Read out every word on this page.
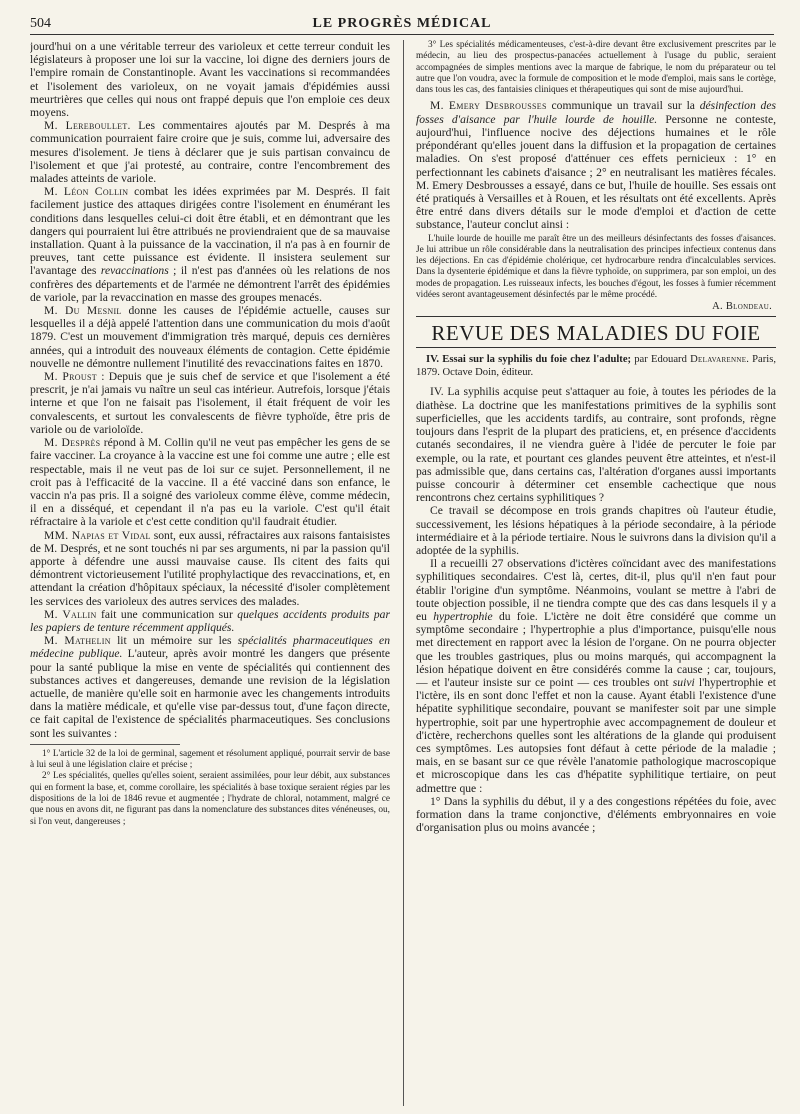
504	LE PROGRÈS MÉDICAL

jourd'hui on a une véritable terreur des varioleux et cette terreur conduit les législateurs à proposer une loi sur la vaccine, loi digne des derniers jours de l'empire romain de Constantinople. Avant les vaccinations si recommandées et l'isolement des varioleux, on ne voyait jamais d'épidémies aussi meurtrières que celles qui nous ont frappé depuis que l'on emploie ces deux moyens.

M. Lereboullet. Les commentaires ajoutés par M. Després à ma communication pourraient faire croire que je suis, comme lui, adversaire des mesures d'isolement. Je tiens à déclarer que je suis partisan convaincu de l'isolement et que j'ai protesté, au contraire, contre l'encombrement des malades atteints de variole.

M. Léon Collin combat les idées exprimées par M. Després. Il fait facilement justice des attaques dirigées contre l'isolement en énumérant les conditions dans lesquelles celui-ci doit être établi, et en démontrant que les dangers qui pourraient lui être attribués ne proviendraient que de sa mauvaise installation. Quant à la puissance de la vaccination, il n'a pas à en fournir de preuves, tant cette puissance est évidente. Il insistera seulement sur l'avantage des revaccinations ; il n'est pas d'années où les relations de nos confrères des départements et de l'armée ne démontrent l'arrêt des épidémies de variole, par la revaccination en masse des groupes menacés.

M. Du Mesnil donne les causes de l'épidémie actuelle, causes sur lesquelles il a déjà appelé l'attention dans une communication du mois d'août 1879. C'est un mouvement d'immigration très marqué, depuis ces dernières années, qui a introduit des nouveaux éléments de contagion. Cette épidémie nouvelle ne démontre nullement l'inutilité des revaccinations faites en 1870.

M. Proust : Depuis que je suis chef de service et que l'isolement a été prescrit, je n'ai jamais vu naître un seul cas intérieur. Autrefois, lorsque j'étais interne et que l'on ne faisait pas l'isolement, il était fréquent de voir les convalescents, et surtout les convalescents de fièvre typhoïde, être pris de variole ou de varioloïde.

M. Desprès répond à M. Collin qu'il ne veut pas empêcher les gens de se faire vacciner. La croyance à la vaccine est une foi comme une autre ; elle est respectable, mais il ne veut pas de loi sur ce sujet. Personnellement, il ne croit pas à l'efficacité de la vaccine. Il a été vacciné dans son enfance, le vaccin n'a pas pris. Il a soigné des varioleux comme élève, comme médecin, il en a disséqué, et cependant il n'a pas eu la variole. C'est qu'il était réfractaire à la variole et c'est cette condition qu'il faudrait étudier.

MM. Napias et Vidal sont, eux aussi, réfractaires aux raisons fantaisistes de M. Després, et ne sont touchés ni par ses arguments, ni par la passion qu'il apporte à défendre une aussi mauvaise cause. Ils citent des faits qui démontrent victorieusement l'utilité prophylactique des revaccinations, et, en attendant la création d'hôpitaux spéciaux, la nécessité d'isoler complètement les services des varioleux des autres services des malades.

M. Vallin fait une communication sur quelques accidents produits par les papiers de tenture récemment appliqués.

M. Mathelin lit un mémoire sur les spécialités pharmaceutiques en médecine publique. L'auteur, après avoir montré les dangers que présente pour la santé publique la mise en vente de spécialités qui contiennent des substances actives et dangereuses, demande une revision de la législation actuelle, de manière qu'elle soit en harmonie avec les changements introduits dans la matière médicale, et qu'elle vise par-dessus tout, d'une façon directe, ce fait capital de l'existence de spécialités pharmaceutiques. Ses conclusions sont les suivantes :

1° L'article 32 de la loi de germinal, sagement et résolument appliqué, pourrait servir de base à lui seul à une législation claire et précise ;

2° Les spécialités, quelles qu'elles soient, seraient assimilées, pour leur débit, aux substances qui en forment la base, et, comme corollaire, les spécialités à base toxique seraient régies par les dispositions de la loi de 1846 revue et augmentée ; l'hydrate de chloral, notamment, malgré ce que nous en avons dit, ne figurant pas dans la nomenclature des substances dites vénéneuses, ou, si l'on veut, dangereuses ;

3° Les spécialités médicamenteuses, c'est-à-dire devant être exclusivement prescrites par le médecin, au lieu des prospectus-panacées actuellement à l'usage du public, seraient accompagnées de simples mentions avec la marque de fabrique, le nom du préparateur ou tel autre que l'on voudra, avec la formule de composition et le mode d'emploi, mais sans le cortège, dans tous les cas, des fantaisies cliniques et thérapeutiques qui sont de mise aujourd'hui.

M. Emery Desbrousses communique un travail sur la désinfection des fosses d'aisance par l'huile lourde de houille. Personne ne conteste, aujourd'hui, l'influence nocive des déjections humaines et le rôle prépondérant qu'elles jouent dans la diffusion et la propagation de certaines maladies. On s'est proposé d'atténuer ces effets pernicieux : 1° en perfectionnant les cabinets d'aisance ; 2° en neutralisant les matières fécales. M. Emery Desbrousses a essayé, dans ce but, l'huile de houille. Ses essais ont été pratiqués à Versailles et à Rouen, et les résultats ont été excellents. Après être entré dans divers détails sur le mode d'emploi et d'action de cette substance, l'auteur conclut ainsi :

L'huile lourde de houille me paraît être un des meilleurs désinfectants des fosses d'aisances. Je lui attribue un rôle considérable dans la neutralisation des principes infectieux contenus dans les déjections. En cas d'épidémie cholérique, cet hydrocarbure rendra d'incalculables services. Dans la dysenterie épidémique et dans la fièvre typhoïde, on supprimera, par son emploi, un des modes de propagation. Les ruisseaux infects, les bouches d'égout, les fosses à fumier récemment vidées seront avantageusement désinfectés par le même procédé.

A. Blondeau.
REVUE DES MALADIES DU FOIE

IV. Essai sur la syphilis du foie chez l'adulte; par Edouard Delavarenne. Paris, 1879. Octave Doin, éditeur.

IV. La syphilis acquise peut s'attaquer au foie, à toutes les périodes de la diathèse. La doctrine que les manifestations primitives de la syphilis sont superficielles, que les accidents tardifs, au contraire, sont profonds, règne toujours dans l'esprit de la plupart des praticiens, et, en présence d'accidents cutanés secondaires, il ne viendra guère à l'idée de percuter le foie par exemple, ou la rate, et pourtant ces glandes peuvent être atteintes, et n'est-il pas admissible que, dans certains cas, l'altération d'organes aussi importants puisse concourir à déterminer cet ensemble cachectique que nous rencontrons chez certains syphilitiques ?

Ce travail se décompose en trois grands chapitres où l'auteur étudie, successivement, les lésions hépatiques à la période secondaire, à la période intermédiaire et à la période tertiaire. Nous le suivrons dans la division qu'il a adoptée de la syphilis.

Il a recueilli 27 observations d'ictères coïncidant avec des manifestations syphilitiques secondaires. C'est là, certes, dit-il, plus qu'il n'en faut pour établir l'origine d'un symptôme. Néanmoins, voulant se mettre à l'abri de toute objection possible, il ne tiendra compte que des cas dans lesquels il y a eu hypertrophie du foie. L'ictère ne doit être considéré que comme un symptôme secondaire ; l'hypertrophie a plus d'importance, puisqu'elle nous met directement en rapport avec la lésion de l'organe. On ne pourra objecter que les troubles gastriques, plus ou moins marqués, qui accompagnent la lésion hépatique doivent en être considérés comme la cause ; car, toujours, — et l'auteur insiste sur ce point — ces troubles ont suivi l'hypertrophie et l'ictère, ils en sont donc l'effet et non la cause. Ayant établi l'existence d'une hépatite syphilitique secondaire, pouvant se manifester soit par une simple hypertrophie, soit par une hypertrophie avec accompagnement de douleur et d'ictère, recherchons quelles sont les altérations de la glande qui produisent ces symptômes. Les autopsies font défaut à cette période de la maladie ; mais, en se basant sur ce que révèle l'anatomie pathologique macroscopique et microscopique dans les cas d'hépatite syphilitique tertiaire, on peut admettre que :

1° Dans la syphilis du début, il y a des congestions répétées du foie, avec formation dans la trame conjonctive, d'éléments embryonnaires en voie d'organisation plus ou moins avancée ;
